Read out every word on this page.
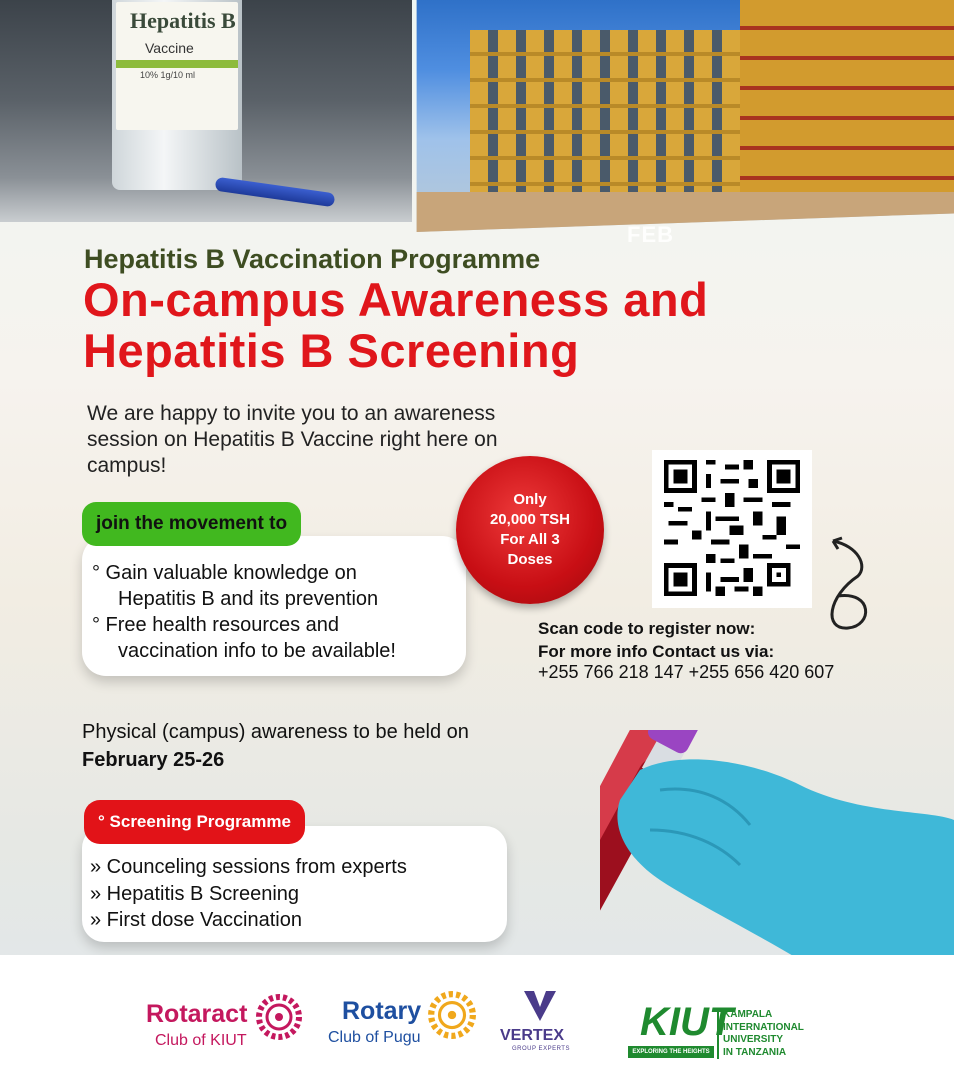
Hepatitis B
Vaccine
10% 1g/10 ml
FEB
Hepatitis B Vaccination Programme
On-campus Awareness and
Hepatitis B Screening
We are happy to invite you to an awareness session on Hepatitis B Vaccine right here on campus!
join the movement to
° Gain valuable knowledge on
Hepatitis B and its prevention
° Free health resources and
vaccination info to be available!
Only
20,000 TSH
For All 3
Doses
Scan code to register now:
For more info Contact us via:
+255 766 218 147 +255 656 420 607
Physical (campus) awareness to be held on February 25-26
° Screening Programme
» Counceling sessions from experts
» Hepatitis B Screening
» First dose Vaccination
Rotaract
Club of KIUT
Rotary
Club of Pugu	VERTEX
GROUP EXPERTS
KIUT
EXPLORING THE HEIGHTS
KAMPALA
INTERNATIONAL
UNIVERSITY
IN TANZANIA
